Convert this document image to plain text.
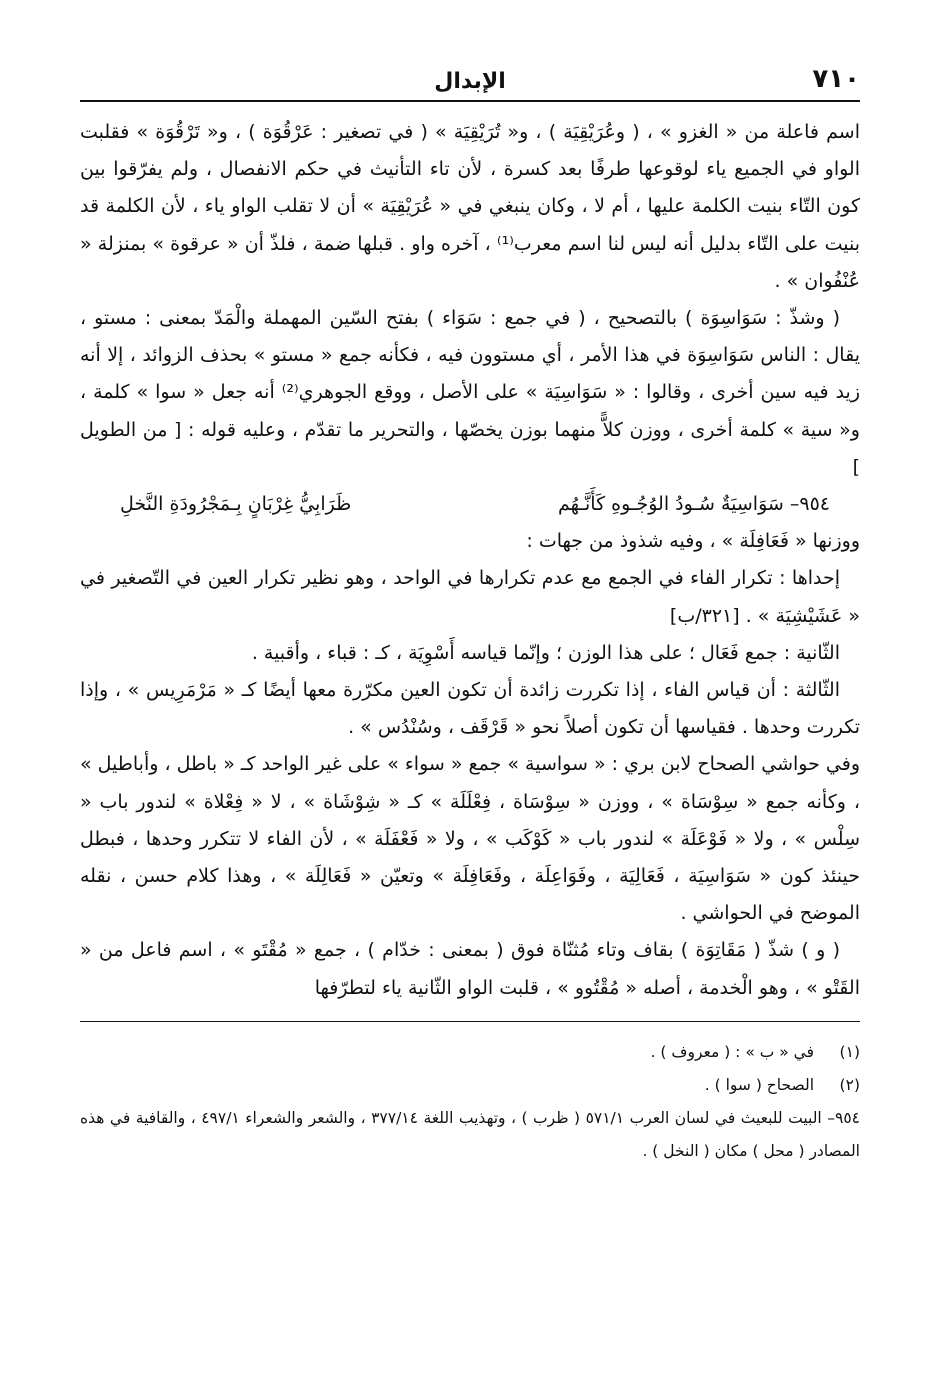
٧١٠
الإبدال

اسم فاعلة من « الغزو » ، ( وعُرَيْقِيَة ) ، و« تُرَيْقِيَة » ( في تصغير : عَرْقُوَة ) ، و« تَرْقُوَة » فقلبت الواو في الجميع ياء لوقوعها طرفًا بعد كسرة ، لأن تاء التأنيث في حكم الانفصال ، ولم يفرّقوا بين كون التّاء بنيت الكلمة عليها ، أم لا ، وكان ينبغي في « عُرَيْقِيَة » أن لا تقلب الواو ياء ، لأن الكلمة قد بنيت على التّاء بدليل أنه ليس لنا اسم معرب⁽¹⁾ ، آخره واو . قبلها ضمة ، فلذّ أن « عرقوة » بمنزلة « عُنْفُوان » .

( وشذّ : سَوَاسِوَة ) بالتصحيح ، ( في جمع : سَوَاء ) بفتح السّين المهملة والْمَدّ بمعنى : مستو ، يقال : الناس سَوَاسِوَة في هذا الأمر ، أي مستوون فيه ، فكأنه جمع « مستو » بحذف الزوائد ، إلا أنه زيد فيه سين أخرى ، وقالوا : « سَوَاسِيَة » على الأصل ، ووقع الجوهري⁽²⁾ أنه جعل « سوا » كلمة ، و« سية » كلمة أخرى ، ووزن كلاًّ منهما بوزن يخصّها ، والتحرير ما تقدّم ، وعليه قوله : [ من الطويل ]

٩٥٤– سَوَاسِيَةٌ سُـودُ الوُجُـوهِ كَأَنَّـهُم
ظَرَابِيُّ غِرْبَانٍ بِـمَجْرُودَةِ النَّخلِ

ووزنها « فَعَافِلَة » ، وفيه شذوذ من جهات :

إحداها : تكرار الفاء في الجمع مع عدم تكرارها في الواحد ، وهو نظير تكرار العين في التّصغير في « عَشَيْشِيَة » . [٣٢١/ب]

الثّانية : جمع فَعَال ؛ على هذا الوزن ؛ وإنّما قياسه أَسْوِيَة ، كـ : قباء ، وأقبية .

الثّالثة : أن قياس الفاء ، إذا تكررت زائدة أن تكون العين مكرّرة معها أيضًا كـ « مَرْمَرِيس » ، وإذا تكررت وحدها . فقياسها أن تكون أصلاً نحو « قَرْقَف ، وسُنْدُس » .

وفي حواشي الصحاح لابن بري : « سواسية » جمع « سواء » على غير الواحد كـ « باطل ، وأباطيل » ، وكأنه جمع « سِوْسَاة » ، ووزن « سِوْسَاة ، فِعْلَلَة » كـ « شِوْشَاة » ، لا « فِعْلاة » لندور باب « سِلْس » ، ولا « فَوْعَلَة » لندور باب « كَوْكَب » ، ولا « فَعْفَلَة » ، لأن الفاء لا تتكرر وحدها ، فبطل حينئذ كون « سَوَاسِيَة ، فَعَالِيَة ، وفَوَاعِلَة ، وفَعَافِلَة » وتعيّن « فَعَالِلَة » ، وهذا كلام حسن ، نقله الموضح في الحواشي .

( و ) شذّ ( مَقَاتِوَة ) بقاف وتاء مُثنّاة فوق ( بمعنى : خدّام ) ، جمع « مُقْتَو » ، اسم فاعل من « القَتْو » ، وهو الْخدمة ، أصله « مُقْتُوو » ، قلبت الواو الثّانية ياء لتطرّفها

(١)
في « ب » : ( معروف ) .
(٢)
الصحاح ( سوا ) .
٩٥٤– البيت للبعيث في لسان العرب ٥٧١/١ ( ظرب ) ، وتهذيب اللغة ٣٧٧/١٤ ، والشعر والشعراء ٤٩٧/١ ، والقافية في هذه المصادر ( محل ) مكان ( النخل ) .
